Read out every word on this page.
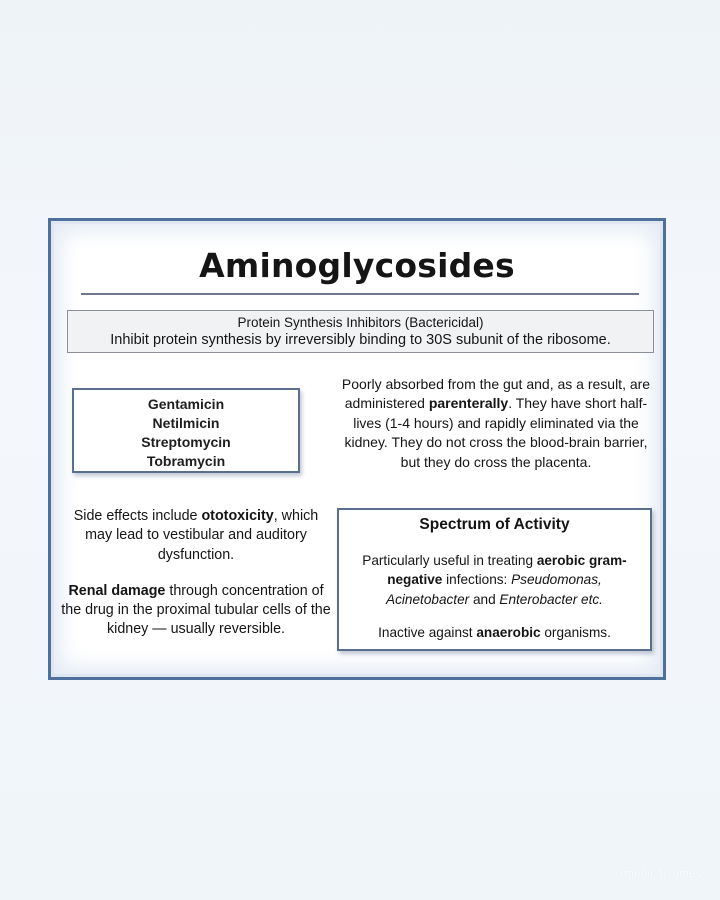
Aminoglycosides
Protein Synthesis Inhibitors (Bactericidal)
Inhibit protein synthesis by irreversibly binding to 30S subunit of the ribosome.
Gentamicin
Netilmicin
Streptomycin
Tobramycin
Poorly absorbed from the gut and, as a result, are administered parenterally. They have short half-lives (1-4 hours) and rapidly eliminated via the kidney. They do not cross the blood-brain barrier, but they do cross the placenta.
Side effects include ototoxicity, which may lead to vestibular and auditory dysfunction.
Renal damage through concentration of the drug in the proximal tubular cells of the kidney — usually reversible.
Spectrum of Activity
Particularly useful in treating aerobic gram-negative infections: Pseudomonas, Acinetobacter and Enterobacter etc.
Inactive against anaerobic organisms.
@medical_notes
